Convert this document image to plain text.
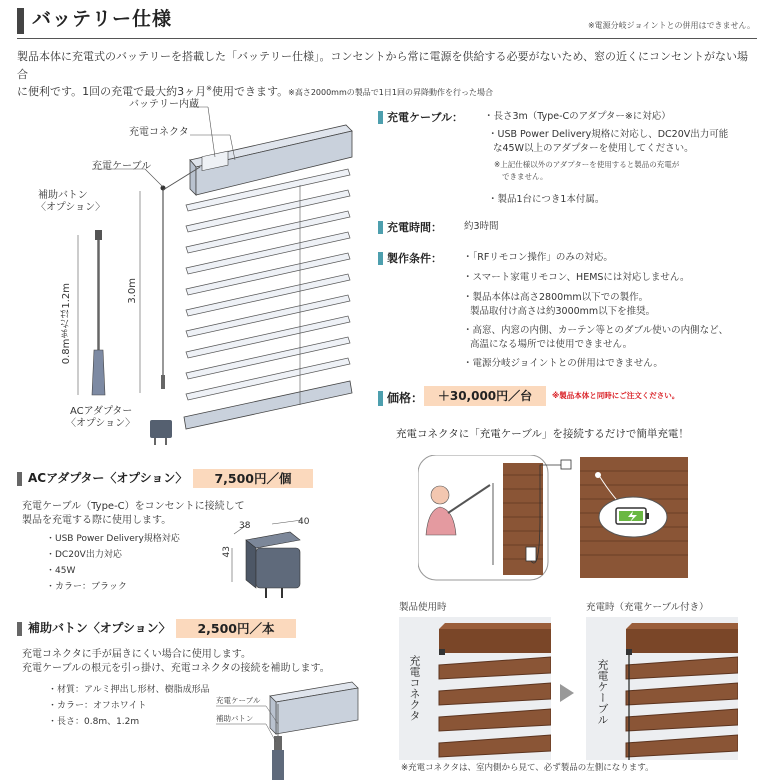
バッテリー仕様	※電源分岐ジョイントとの併用はできません。
製品本体に充電式のバッテリーを搭載した「バッテリー仕様」。コンセントから常に電源を供給する必要がないため、窓の近くにコンセントがない場合
に便利です。1回の充電で最大約3ヶ月※使用できます。※高さ2000mmの製品で1日1回の昇降動作を行った場合
バッテリー内蔵
充電コネクタ
充電ケーブル
補助バトン
〈オプション〉
0.8mまたは1.2m	3.0m
ACアダプター
〈オプション〉
充電ケーブル： ・長さ3m（Type-Cのアダプター※に対応）
・USB Power Delivery規格に対応し、DC20V出力可能
な45W以上のアダプターを使用してください。
※上記仕様以外のアダプターを使用すると製品の充電が
できません。
・製品1台につき1本付属。
充電時間： 約3時間
製作条件： ・「RFリモコン操作」のみの対応。
・スマート家電リモコン、HEMSには対応しません。
・製品本体は高さ2800mm以下での製作。
製品取付け高さは約3000mm以下を推奨。
・高窓、内窓の内側、カーテン等とのダブル使いの内側など、
高温になる場所では使用できません。
・電源分岐ジョイントとの併用はできません。
価格：	＋30,000円／台	※製品本体と同時にご注文ください。
充電コネクタに「充電ケーブル」を接続するだけで簡単充電！
ACアダプター〈オプション〉	7,500円／個
充電ケーブル（Type-C）をコンセントに接続して
製品を充電する際に使用します。
・USB Power Delivery規格対応
・DC20V出力対応
・45W
・カラー：ブラック
38	40
43
補助バトン〈オプション〉	2,500円／本
充電コネクタに手が届きにくい場合に使用します。
充電ケーブルの根元を引っ掛け、充電コネクタの接続を補助します。
・材質：アルミ押出し形材、樹脂成形品
・カラー：オフホワイト
・長さ：0.8m、1.2m
充電ケーブル
補助バトン
製品使用時	充電時（充電ケーブル付き）
充電コネクタ	充電ケーブル
※充電コネクタは、室内側から見て、必ず製品の左側になります。
